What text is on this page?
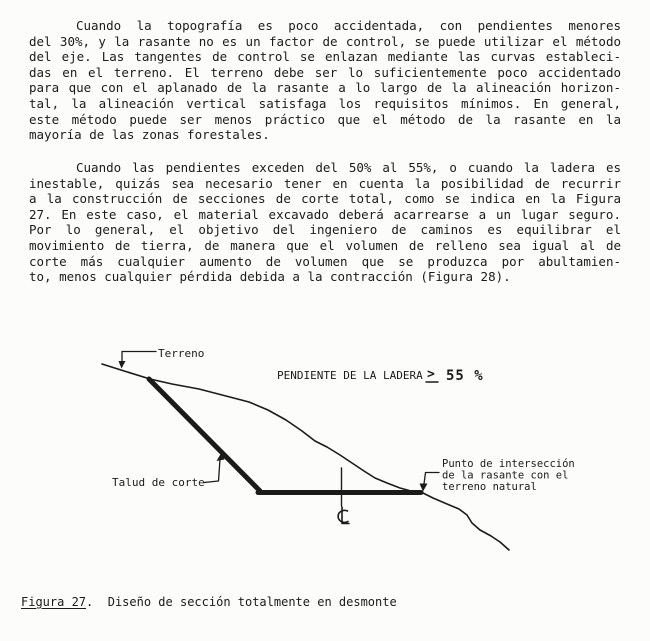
Cuando la topografía es poco accidentada, con pendientes menores
del 30%, y la rasante no es un factor de control, se puede utilizar el método
del eje. Las tangentes de control se enlazan mediante las curvas estableci-
das en el terreno. El terreno debe ser lo suficientemente poco accidentado
para que con el aplanado de la rasante a lo largo de la alineación horizon-
tal, la alineación vertical satisfaga los requisitos mínimos. En general,
este método puede ser menos práctico que el método de la rasante en la
mayoría de las zonas forestales.
Cuando las pendientes exceden del 50% al 55%, o cuando la ladera es
inestable, quizás sea necesario tener en cuenta la posibilidad de recurrir
a la construcción de secciones de corte total, como se indica en la Figura
27. En este caso, el material excavado deberá acarrearse a un lugar seguro.
Por lo general, el objetivo del ingeniero de caminos es equilibrar el
movimiento de tierra, de manera que el volumen de relleno sea igual al de
corte más cualquier aumento de volumen que se produzca por abultamien-
to, menos cualquier pérdida debida a la contracción (Figura 28).
Terreno
PENDIENTE DE LA LADERA > 55 %
Talud de corte
Punto de intersección
de la rasante con el
terreno natural
Figura 27.  Diseño de sección totalmente en desmonte
